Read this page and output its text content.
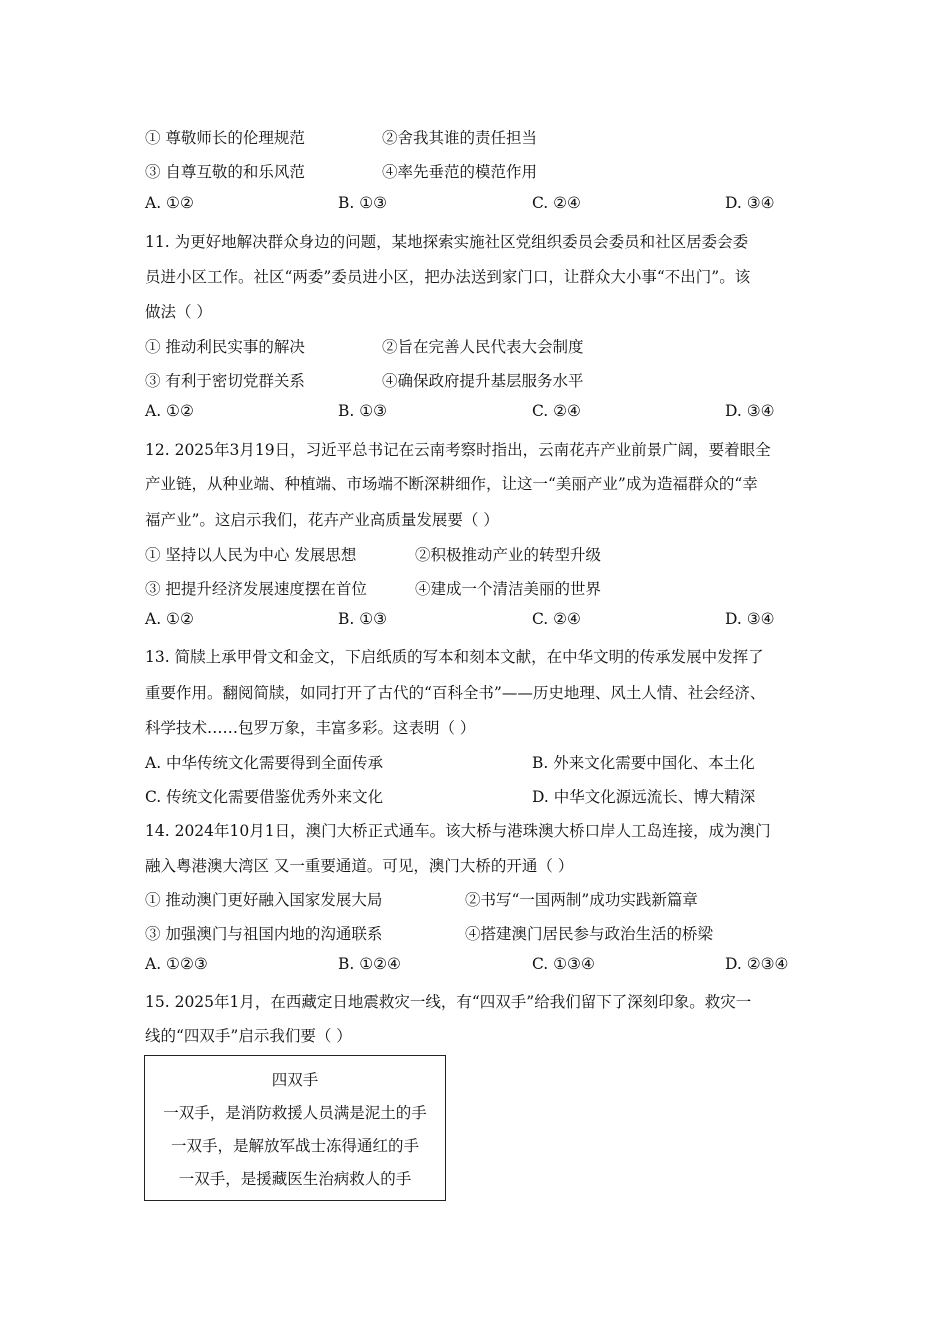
① 尊敬师长的伦理规范	②舍我其谁的责任担当
③ 自尊互敬的和乐风范	④率先垂范的模范作用
A. ①②	B. ①③	C. ②④	D. ③④
11. 为更好地解决群众身边的问题，某地探索实施社区党组织委员会委员和社区居委会委
员进小区工作。社区“两委”委员进小区，把办法送到家门口，让群众大小事“不出门”。该
做法（ ）
① 推动利民实事的解决	②旨在完善人民代表大会制度
③ 有利于密切党群关系	④确保政府提升基层服务水平
A. ①②	B. ①③	C. ②④	D. ③④
12. 2025年3月19日，习近平总书记在云南考察时指出，云南花卉产业前景广阔，要着眼全
产业链，从种业端、种植端、市场端不断深耕细作，让这一“美丽产业”成为造福群众的“幸
福产业”。这启示我们，花卉产业高质量发展要（ ）
① 坚持以人民为中心 发展思想	②积极推动产业的转型升级
③ 把提升经济发展速度摆在首位	④建成一个清洁美丽的世界
A. ①②	B. ①③	C. ②④	D. ③④
13. 简牍上承甲骨文和金文，下启纸质的写本和刻本文献，在中华文明的传承发展中发挥了
重要作用。翻阅简牍，如同打开了古代的“百科全书”——历史地理、风土人情、社会经济、
科学技术……包罗万象，丰富多彩。这表明（ ）
A. 中华传统文化需要得到全面传承	B. 外来文化需要中国化、本土化
C. 传统文化需要借鉴优秀外来文化	D. 中华文化源远流长、博大精深
14. 2024年10月1日，澳门大桥正式通车。该大桥与港珠澳大桥口岸人工岛连接，成为澳门
融入粤港澳大湾区 又一重要通道。可见，澳门大桥的开通（ ）
① 推动澳门更好融入国家发展大局	②书写“一国两制”成功实践新篇章
③ 加强澳门与祖国内地的沟通联系	④搭建澳门居民参与政治生活的桥梁
A. ①②③	B. ①②④	C. ①③④	D. ②③④
15. 2025年1月，在西藏定日地震救灾一线，有“四双手”给我们留下了深刻印象。救灾一
线的“四双手”启示我们要（ ）
四双手
一双手，是消防救援人员满是泥土的手
一双手，是解放军战士冻得通红的手
一双手，是援藏医生治病救人的手
